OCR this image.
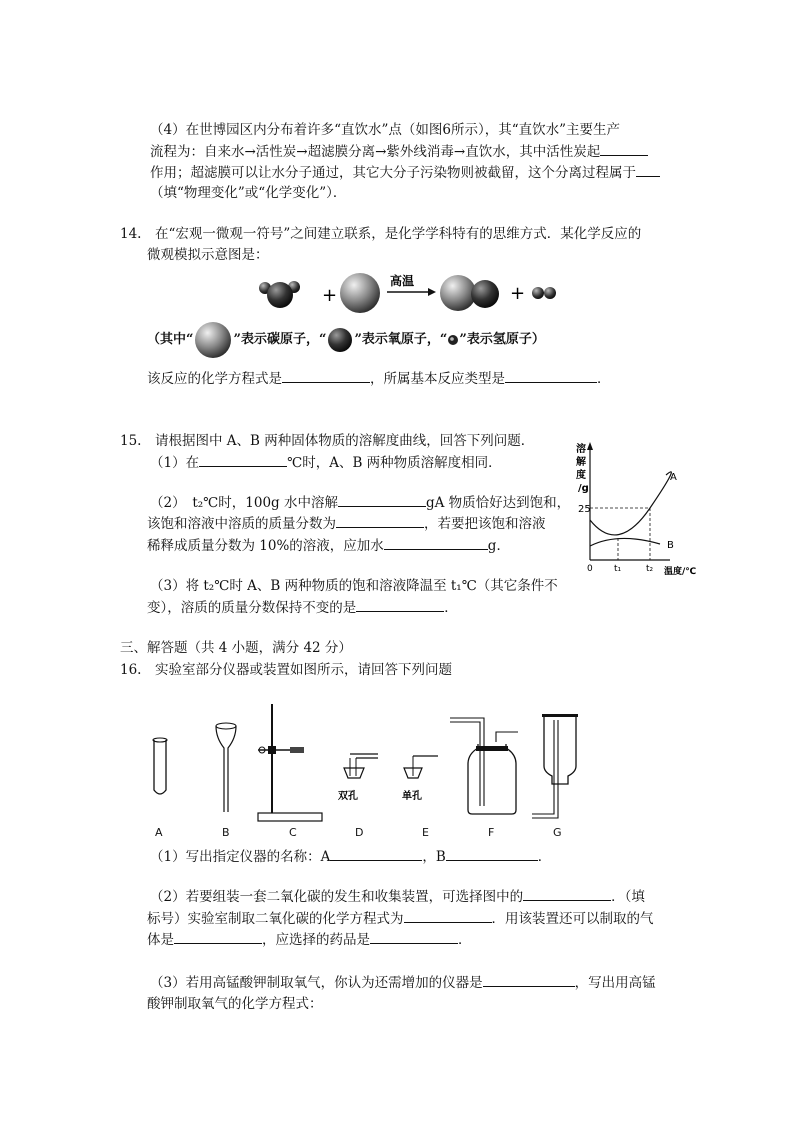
（4）在世博园区内分布着许多“直饮水”点（如图6所示），其“直饮水”主要生产
流程为：自来水→活性炭→超滤膜分离→紫外线消毒→直饮水，其中活性炭起
作用；超滤膜可以让水分子通过，其它大分子污染物则被截留，这个分离过程属于
（填“物理变化”或“化学变化”）．
14.　在“宏观一微观一符号”之间建立联系，是化学学科特有的思维方式．某化学反应的
微观模拟示意图是：
+
高温
+
（其中“	”表示碳原子，“ ”表示氧原子，“ ”表示氢原子）
该反应的化学方程式是	，所属基本反应类型是	．
15.　请根据图中 A、B 两种固体物质的溶解度曲线，回答下列问题．
（1）在	℃时，A、B 两种物质溶解度相同．
（2）　t₂℃时，100g 水中溶解	gA 物质恰好达到饱和，
该饱和溶液中溶质的质量分数为	，若要把该饱和溶液
稀释成质量分数为 10%的溶液，应加水	g．
（3）将 t₂℃时 A、B 两种物质的饱和溶液降温至 t₁℃（其它条件不
变），溶质的质量分数保持不变的是	．
溶
解
度
/g
25
A
B
0 t₁	t₂ 温度/℃
三、解答题（共 4 小题，满分 42 分）
16.　实验室部分仪器或装置如图所示，请回答下列问题
双孔	单孔
A	B	C	D	E	F	G
（1）写出指定仪器的名称：A	，B	．
（2）若要组装一套二氧化碳的发生和收集装置，可选择图中的	．（填
标号）实验室制取二氧化碳的化学方程式为	．用该装置还可以制取的气
体是	，应选择的药品是	．
（3）若用高锰酸钾制取氧气，你认为还需增加的仪器是	，写出用高锰
酸钾制取氧气的化学方程式：
